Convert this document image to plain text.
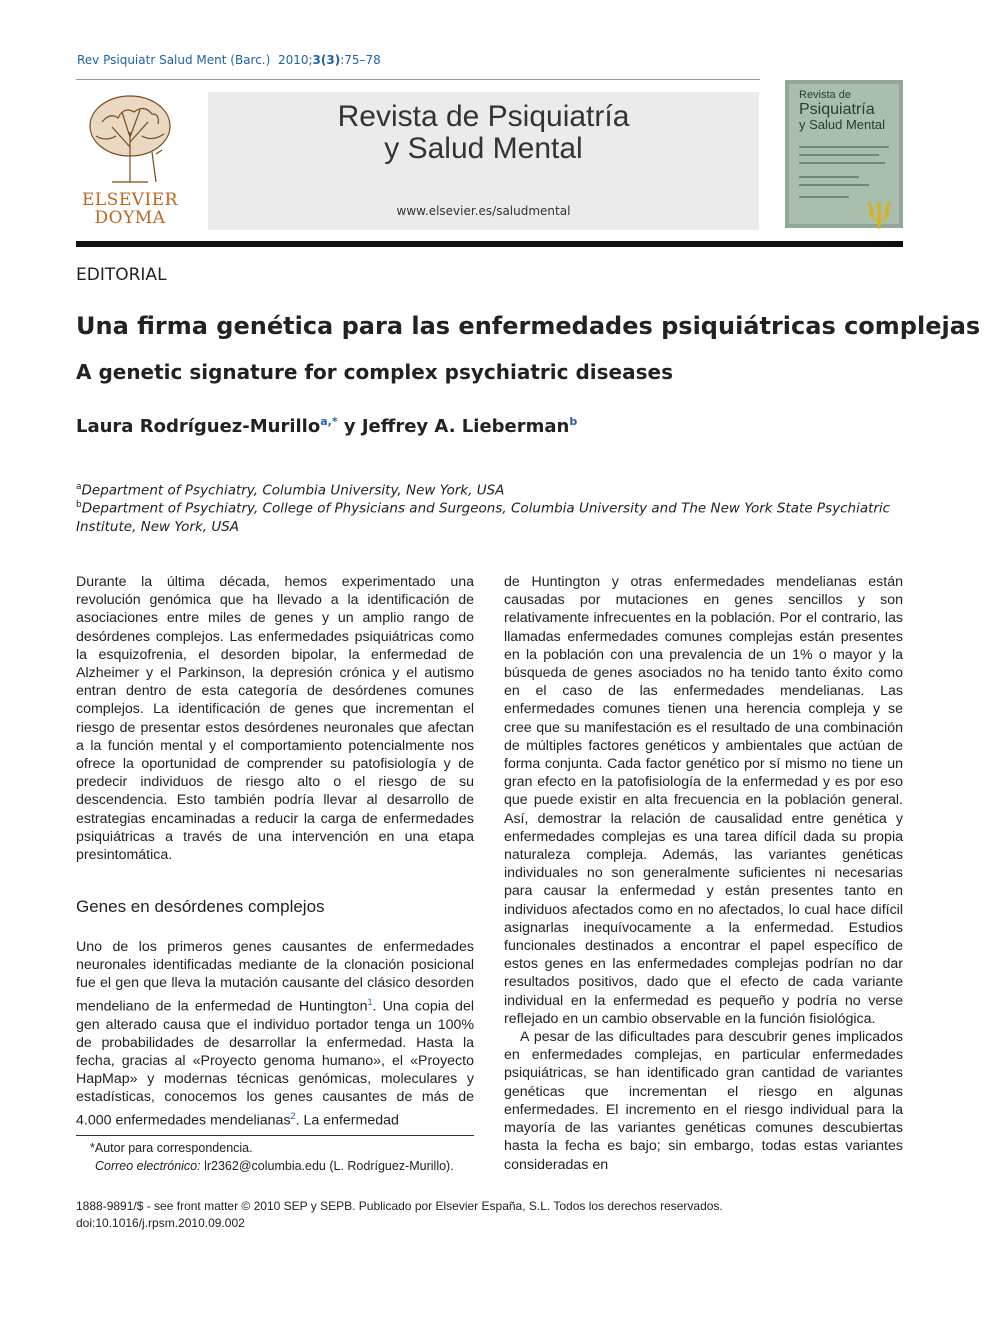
Rev Psiquiatr Salud Ment (Barc.) 2010;3(3):75–78
ELSEVIER
DOYMA
Revista de Psiquiatría
y Salud Mental
www.elsevier.es/saludmental
Revista de
Psiquiatría
y Salud Mental
ψ
EDITORIAL
Una firma genética para las enfermedades psiquiátricas complejas
A genetic signature for complex psychiatric diseases
Laura Rodríguez-Murillo$^{a,*}$ y Jeffrey A. Lieberman$^b$
$^a$Department of Psychiatry, Columbia University, New York, USA
$^b$Department of Psychiatry, College of Physicians and Surgeons, Columbia University and The New York State Psychiatric
Institute, New York, USA

Durante la última década, hemos experimentado una revolución genómica que ha llevado a la identificación de asociaciones entre miles de genes y un amplio rango de desórdenes complejos. Las enfermedades psiquiátricas como la esquizofrenia, el desorden bipolar, la enfermedad de Alzheimer y el Parkinson, la depresión crónica y el autismo entran dentro de esta categoría de desórdenes comunes complejos. La identificación de genes que incrementan el riesgo de presentar estos desórdenes neuronales que afectan a la función mental y el comportamiento potencialmente nos ofrece la oportunidad de comprender su patofisiología y de predecir individuos de riesgo alto o el riesgo de su descendencia. Esto también podría llevar al desarrollo de estrategias encaminadas a reducir la carga de enfermedades psiquiátricas a través de una intervención en una etapa presintomática.

Genes en desórdenes complejos

Uno de los primeros genes causantes de enfermedades neuronales identificadas mediante de la clonación posicional fue el gen que lleva la mutación causante del clásico desorden mendeliano de la enfermedad de Huntington$^1$. Una copia del gen alterado causa que el individuo portador tenga un 100% de probabilidades de desarrollar la enfermedad. Hasta la fecha, gracias al «Proyecto genoma humano», el «Proyecto HapMap» y modernas técnicas genómicas, moleculares y estadísticas, conocemos los genes causantes de más de 4.000 enfermedades mendelianas$^2$. La enfermedad

de Huntington y otras enfermedades mendelianas están causadas por mutaciones en genes sencillos y son relativamente infrecuentes en la población. Por el contrario, las llamadas enfermedades comunes complejas están presentes en la población con una prevalencia de un 1% o mayor y la búsqueda de genes asociados no ha tenido tanto éxito como en el caso de las enfermedades mendelianas. Las enfermedades comunes tienen una herencia compleja y se cree que su manifestación es el resultado de una combinación de múltiples factores genéticos y ambientales que actúan de forma conjunta. Cada factor genético por sí mismo no tiene un gran efecto en la patofisiología de la enfermedad y es por eso que puede existir en alta frecuencia en la población general. Así, demostrar la relación de causalidad entre genética y enfermedades complejas es una tarea difícil dada su propia naturaleza compleja. Además, las variantes genéticas individuales no son generalmente suficientes ni necesarias para causar la enfermedad y están presentes tanto en individuos afectados como en no afectados, lo cual hace difícil asignarlas inequívocamente a la enfermedad. Estudios funcionales destinados a encontrar el papel específico de estos genes en las enfermedades complejas podrían no dar resultados positivos, dado que el efecto de cada variante individual en la enfermedad es pequeño y podría no verse reflejado en un cambio observable en la función fisiológica.

A pesar de las dificultades para descubrir genes implicados en enfermedades complejas, en particular enfermedades psiquiátricas, se han identificado gran cantidad de variantes genéticas que incrementan el riesgo en algunas enfermedades. El incremento en el riesgo individual para la mayoría de las variantes genéticas comunes descubiertas hasta la fecha es bajo; sin embargo, todas estas variantes consideradas en

*Autor para correspondencia.
Correo electrónico: lr2362@columbia.edu (L. Rodríguez-Murillo).
1888-9891/$ - see front matter © 2010 SEP y SEPB. Publicado por Elsevier España, S.L. Todos los derechos reservados.
doi:10.1016/j.rpsm.2010.09.002
